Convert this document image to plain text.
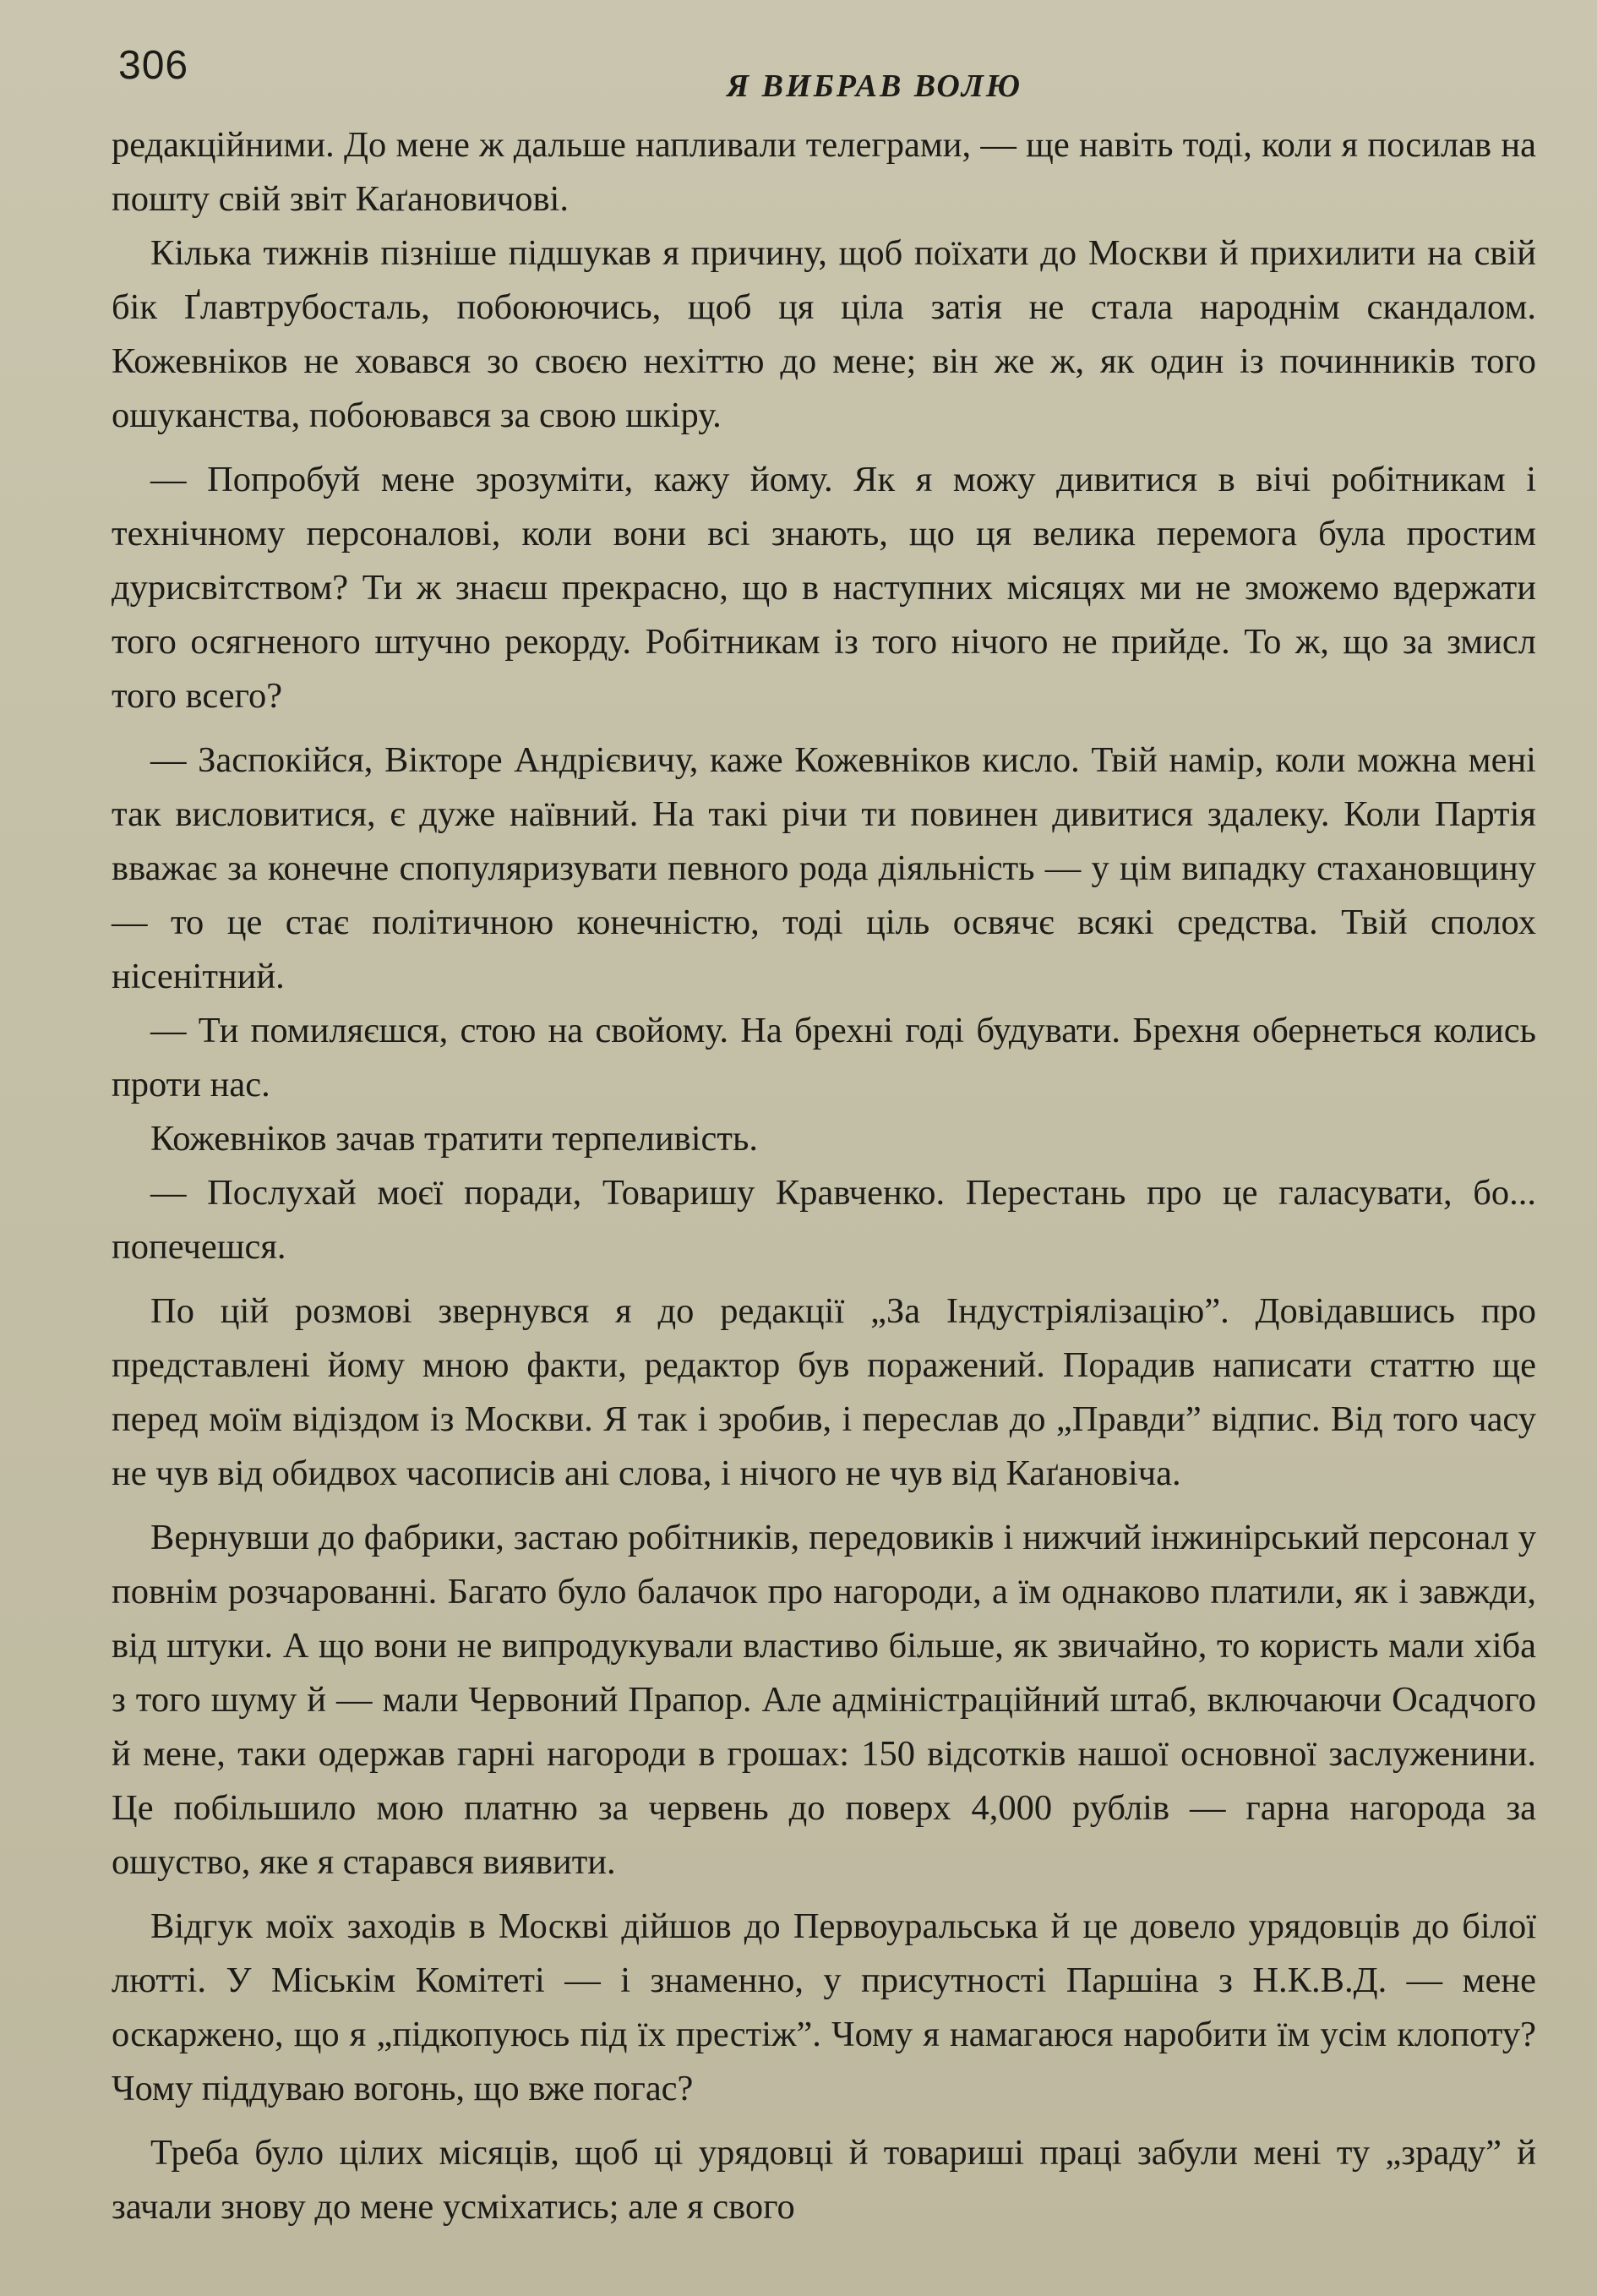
306	Я ВИБРАВ ВОЛЮ

редакційними. До мене ж дальше напливали телеграми, — ще навіть тоді, коли я посилав на пошту свій звіт Каґановичові.

Кілька тижнів пізніше підшукав я причину, щоб поїхати до Москви й прихилити на свій бік Ґлавтрубосталь, побоюючись, щоб ця ціла затія не стала народнім скандалом. Кожевніков не ховався зо своєю нехіттю до мене; він же ж, як один із починників того ошуканства, побоювався за свою шкіру.

— Попробуй мене зрозуміти, кажу йому. Як я можу дивитися в вічі робітникам і технічному персоналові, коли вони всі знають, що ця велика перемога була простим дурисвітством? Ти ж знаєш прекрасно, що в наступних місяцях ми не зможемо вдержати того осягненого штучно рекорду. Робітникам із того нічого не прийде. То ж, що за змисл того всего?

— Заспокійся, Вікторе Андрієвичу, каже Кожевніков кисло. Твій намір, коли можна мені так висловитися, є дуже наївний. На такі річи ти повинен дивитися здалеку. Коли Партія вважає за конечне спопуляризувати певного рода діяльність — у цім випадку стахановщину — то це стає політичною конечністю, тоді ціль освячє всякі средства. Твій сполох нісенітний.

— Ти помиляєшся, стою на свойому. На брехні годі будувати. Брехня обернеться колись проти нас.

Кожевніков зачав тратити терпеливість.

— Послухай моєї поради, Товаришу Кравченко. Перестань про це галасувати, бо... попечешся.

По цій розмові звернувся я до редакції „За Індустріялізацію”. Довідавшись про представлені йому мною факти, редактор був поражений. Порадив написати статтю ще перед моїм відіздом із Москви. Я так і зробив, і переслав до „Правди” відпис. Від того часу не чув від обидвох часописів ані слова, і нічого не чув від Каґановіча.

Вернувши до фабрики, застаю робітників, передовиків і нижчий інжинірський персонал у повнім розчарованні. Багато було балачок про нагороди, а їм однаково платили, як і завжди, від штуки. А що вони не випродукували властиво більше, як звичайно, то користь мали хіба з того шуму й — мали Червоний Прапор. Але адміністраційний штаб, включаючи Осадчого й мене, таки одержав гарні нагороди в грошах: 150 відсотків нашої основної заслуженини. Це побільшило мою платню за червень до поверх 4,000 рублів — гарна нагорода за ошуство, яке я старався виявити.

Відгук моїх заходів в Москві дійшов до Первоуральська й це довело урядовців до білої лютті. У Міськім Комітеті — і знаменно, у присутності Паршіна з Н.К.В.Д. — мене оскаржено, що я „підкопуюсь під їх престіж”. Чому я намагаюся наробити їм усім клопоту? Чому піддуваю вогонь, що вже погас?

Треба було цілих місяців, щоб ці урядовці й товариші праці забули мені ту „зраду” й зачали знову до мене усміхатись; але я свого
